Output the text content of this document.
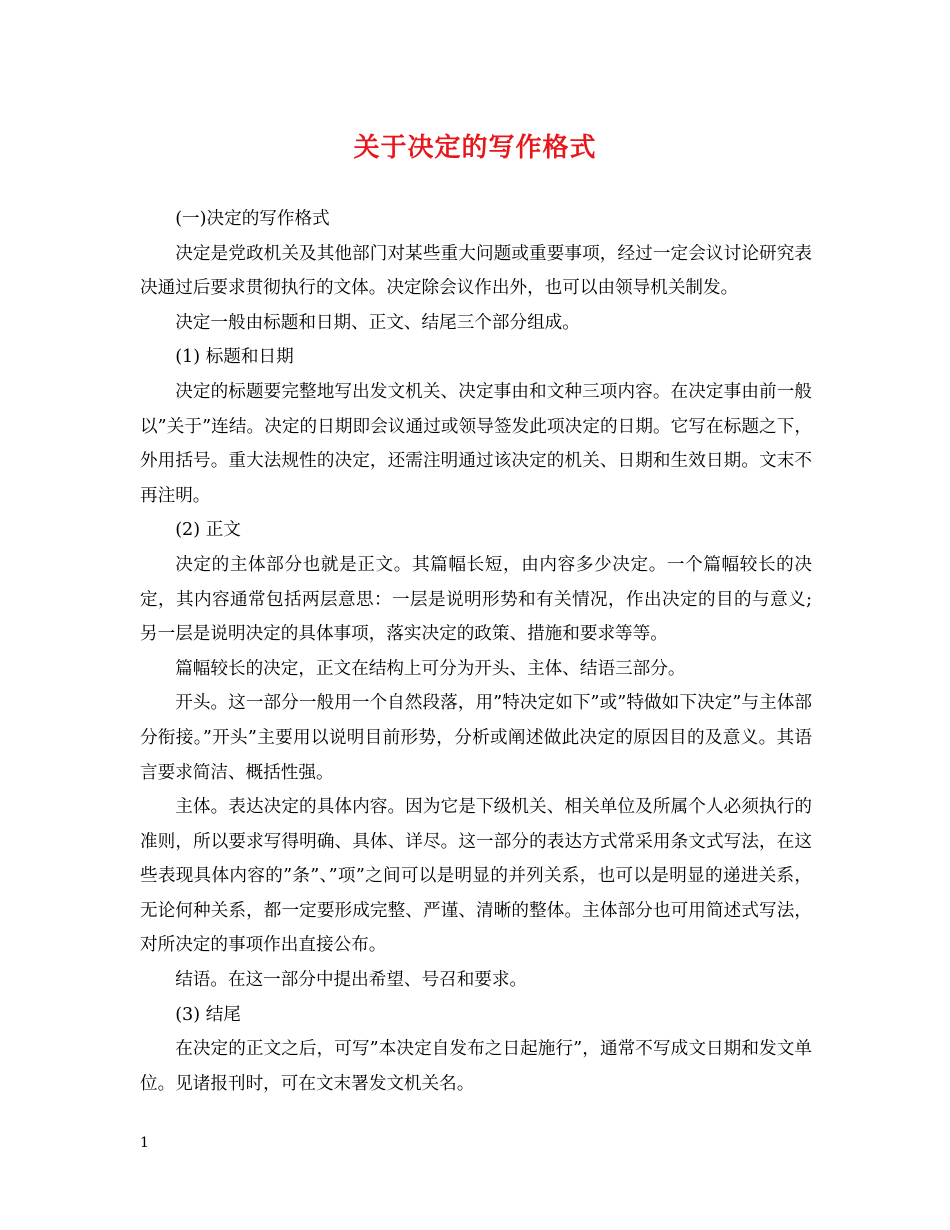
关于决定的写作格式

(一)决定的写作格式

决定是党政机关及其他部门对某些重大问题或重要事项，经过一定会议讨论研究表决通过后要求贯彻执行的文体。决定除会议作出外，也可以由领导机关制发。

决定一般由标题和日期、正文、结尾三个部分组成。

(1) 标题和日期

决定的标题要完整地写出发文机关、决定事由和文种三项内容。在决定事由前一般以”关于”连结。决定的日期即会议通过或领导签发此项决定的日期。它写在标题之下，外用括号。重大法规性的决定，还需注明通过该决定的机关、日期和生效日期。文末不再注明。

(2) 正文

决定的主体部分也就是正文。其篇幅长短，由内容多少决定。一个篇幅较长的决定，其内容通常包括两层意思：一层是说明形势和有关情况，作出决定的目的与意义;另一层是说明决定的具体事项，落实决定的政策、措施和要求等等。

篇幅较长的决定，正文在结构上可分为开头、主体、结语三部分。

开头。这一部分一般用一个自然段落，用”特决定如下”或”特做如下决定”与主体部分衔接。”开头”主要用以说明目前形势，分析或阐述做此决定的原因目的及意义。其语言要求简洁、概括性强。

主体。表达决定的具体内容。因为它是下级机关、相关单位及所属个人必须执行的准则，所以要求写得明确、具体、详尽。这一部分的表达方式常采用条文式写法，在这些表现具体内容的”条”、”项”之间可以是明显的并列关系，也可以是明显的递进关系，无论何种关系，都一定要形成完整、严谨、清晰的整体。主体部分也可用简述式写法，对所决定的事项作出直接公布。

结语。在这一部分中提出希望、号召和要求。

(3) 结尾

在决定的正文之后，可写”本决定自发布之日起施行”，通常不写成文日期和发文单位。见诸报刊时，可在文末署发文机关名。

1
